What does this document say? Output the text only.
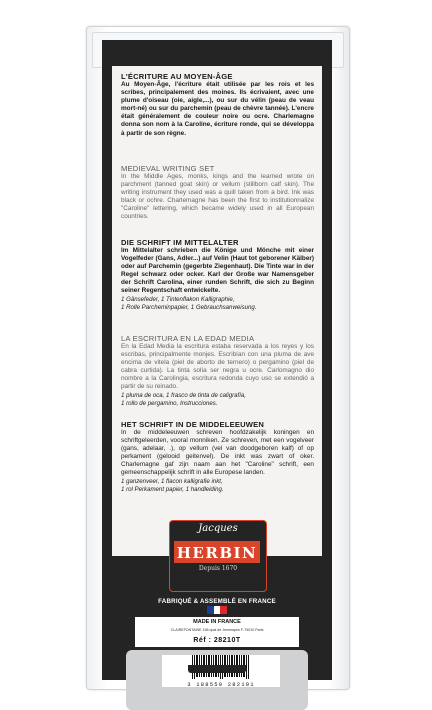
L'ÉCRITURE AU MOYEN-ÂGE

Au Moyen-Âge, l'écriture était utilisée par les rois et les scribes, principalement des moines. Ils écrivaient, avec une plume d'oiseau (oie, aigle,...), ou sur du vélin (peau de veau mort-né) ou sur du parchemin (peau de chèvre tannée). L'encre était généralement de couleur noire ou ocre. Charlemagne donna son nom à la Caroline, écriture ronde, qui se développa à partir de son règne.

MEDIEVAL WRITING SET

In the Middle Ages, monks, kings and the learned wrote on parchment (tanned goat skin) or vellum (stillborn calf skin). The writing instrument they used was a quill taken from a bird. Ink was black or ochre. Charlemagne has been the first to institutionnalize "Caroline" lettering, which became widely used in all European countries.

DIE SCHRIFT IM MITTELALTER

Im Mittelalter schrieben die Könige und Mönche mit einer Vogelfeder (Gans, Adler...) auf Velin (Haut tot geborener Kälber) oder auf Parchemin (gegerbte Ziegenhaut). Die Tinte war in der Regel schwarz oder ocker. Karl der Große war Namensgeber der Schrift Carolina, einer runden Schrift, die sich zu Beginn seiner Regentschaft entwickelte.

1 Gänsefeder, 1 Tintenflakon Kalligraphie,

1 Rolle Parcheminpapier, 1 Gebrauchsanweisung.

LA ESCRITURA EN LA EDAD MEDIA

En la Edad Media la escritura estaba reservada a los reyes y los escribas, principalmente monjes. Escribían con una pluma de ave encima de vitela (piel de aborto de ternero) o pergamino (piel de cabra curtida). La tinta solía ser negra u ocre. Carlomagno dio nombre a la Carolingia, escritura redonda cuyo uso se extendió a partir de su reinado.

1 pluma de oca, 1 frasco de tinta de caligrafía,

1 rollo de pergamino, Instrucciones.

HET SCHRIFT IN DE MIDDELEEUWEN

In de middeleeuwen schreven hoofdzakelijk koningen en schriftgeleerden, vooral monniken. Ze schreven, met een vogelveer (gans, adelaar, .), op vellum (vel van doodgeboren kalf) of op perkament (gelooid geitenvel). De inkt was zwart of oker. Charlemagne gaf zijn naam aan het "Caroline" schrift, een gemeenschappelijk schrift in alle Europese landen.

1 ganzenveer, 1 flacon kalligrafie inkt,

1 rol Perkament papier, 1 handleiding.

Jacques
HERBIN
Depuis 1670
FABRIQUÉ & ASSEMBLÉ EN FRANCE
MADE IN FRANCE
CLAIREFONTAINE 198 quai de Jemmapes F-75010 Paris
Réf : 28210T
3 188550 282101
